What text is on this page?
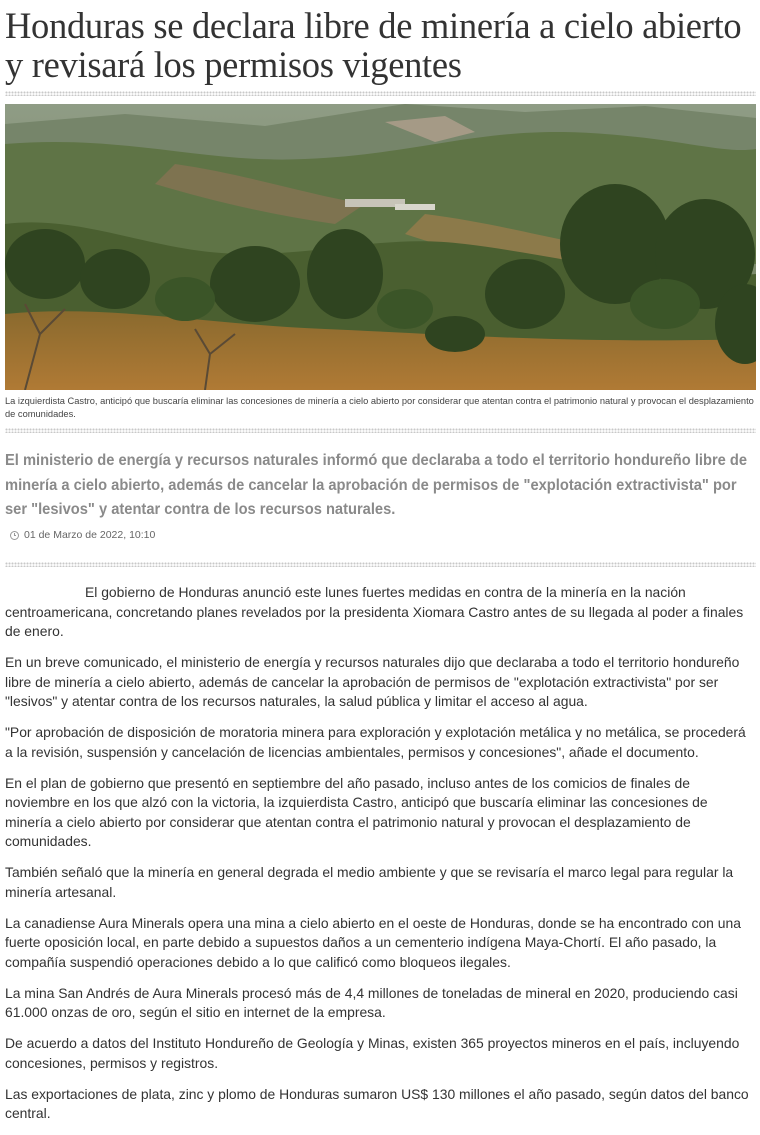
Honduras se declara libre de minería a cielo abierto y revisará los permisos vigentes

La izquierdista Castro, anticipó que buscaría eliminar las concesiones de minería a cielo abierto por considerar que atentan contra el patrimonio natural y provocan el desplazamiento de comunidades.

El ministerio de energía y recursos naturales informó que declaraba a todo el territorio hondureño libre de minería a cielo abierto, además de cancelar la aprobación de permisos de "explotación extractivista" por ser "lesivos" y atentar contra de los recursos naturales.

01 de Marzo de 2022, 10:10

El gobierno de Honduras anunció este lunes fuertes medidas en contra de la minería en la nación centroamericana, concretando planes revelados por la presidenta Xiomara Castro antes de su llegada al poder a finales de enero.

En un breve comunicado, el ministerio de energía y recursos naturales dijo que declaraba a todo el territorio hondureño libre de minería a cielo abierto, además de cancelar la aprobación de permisos de "explotación extractivista" por ser "lesivos" y atentar contra de los recursos naturales, la salud pública y limitar el acceso al agua.

"Por aprobación de disposición de moratoria minera para exploración y explotación metálica y no metálica, se procederá a la revisión, suspensión y cancelación de licencias ambientales, permisos y concesiones", añade el documento.

En el plan de gobierno que presentó en septiembre del año pasado, incluso antes de los comicios de finales de noviembre en los que alzó con la victoria, la izquierdista Castro, anticipó que buscaría eliminar las concesiones de minería a cielo abierto por considerar que atentan contra el patrimonio natural y provocan el desplazamiento de comunidades.

También señaló que la minería en general degrada el medio ambiente y que se revisaría el marco legal para regular la minería artesanal.

La canadiense Aura Minerals opera una mina a cielo abierto en el oeste de Honduras, donde se ha encontrado con una fuerte oposición local, en parte debido a supuestos daños a un cementerio indígena Maya-Chortí. El año pasado, la compañía suspendió operaciones debido a lo que calificó como bloqueos ilegales.

La mina San Andrés de Aura Minerals procesó más de 4,4 millones de toneladas de mineral en 2020, produciendo casi 61.000 onzas de oro, según el sitio en internet de la empresa.

De acuerdo a datos del Instituto Hondureño de Geología y Minas, existen 365 proyectos mineros en el país, incluyendo concesiones, permisos y registros.

Las exportaciones de plata, zinc y plomo de Honduras sumaron US$ 130 millones el año pasado, según datos del banco central.
